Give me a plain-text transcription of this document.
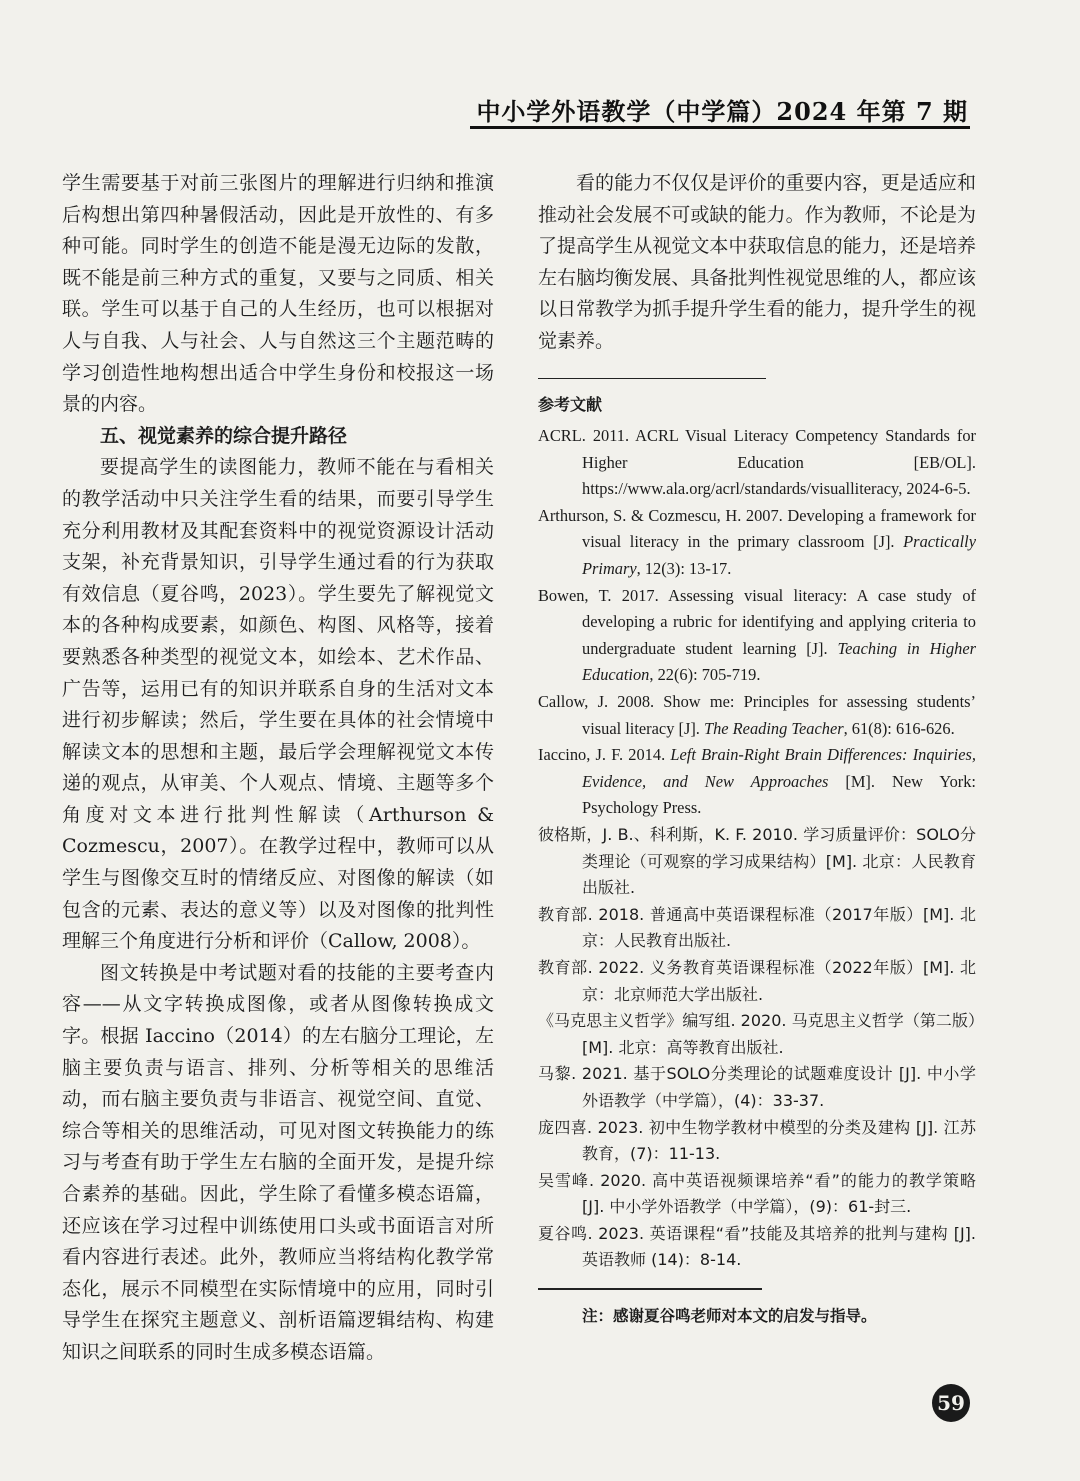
中小学外语教学（中学篇）2024 年第 7 期

学生需要基于对前三张图片的理解进行归纳和推演后构想出第四种暑假活动，因此是开放性的、有多种可能。同时学生的创造不能是漫无边际的发散，既不能是前三种方式的重复，又要与之同质、相关联。学生可以基于自己的人生经历，也可以根据对人与自我、人与社会、人与自然这三个主题范畴的学习创造性地构想出适合中学生身份和校报这一场景的内容。

五、视觉素养的综合提升路径

要提高学生的读图能力，教师不能在与看相关的教学活动中只关注学生看的结果，而要引导学生充分利用教材及其配套资料中的视觉资源设计活动支架，补充背景知识，引导学生通过看的行为获取有效信息（夏谷鸣，2023）。学生要先了解视觉文本的各种构成要素，如颜色、构图、风格等，接着要熟悉各种类型的视觉文本，如绘本、艺术作品、广告等，运用已有的知识并联系自身的生活对文本进行初步解读；然后，学生要在具体的社会情境中解读文本的思想和主题，最后学会理解视觉文本传递的观点，从审美、个人观点、情境、主题等多个角度对文本进行批判性解读（Arthurson & Cozmescu，2007）。在教学过程中，教师可以从学生与图像交互时的情绪反应、对图像的解读（如包含的元素、表达的意义等）以及对图像的批判性理解三个角度进行分析和评价（Callow, 2008）。

图文转换是中考试题对看的技能的主要考查内容——从文字转换成图像，或者从图像转换成文字。根据 Iaccino（2014）的左右脑分工理论，左脑主要负责与语言、排列、分析等相关的思维活动，而右脑主要负责与非语言、视觉空间、直觉、综合等相关的思维活动，可见对图文转换能力的练习与考查有助于学生左右脑的全面开发，是提升综合素养的基础。因此，学生除了看懂多模态语篇，还应该在学习过程中训练使用口头或书面语言对所看内容进行表述。此外，教师应当将结构化教学常态化，展示不同模型在实际情境中的应用，同时引导学生在探究主题意义、剖析语篇逻辑结构、构建知识之间联系的同时生成多模态语篇。

看的能力不仅仅是评价的重要内容，更是适应和推动社会发展不可或缺的能力。作为教师，不论是为了提高学生从视觉文本中获取信息的能力，还是培养左右脑均衡发展、具备批判性视觉思维的人，都应该以日常教学为抓手提升学生看的能力，提升学生的视觉素养。

参考文献
ACRL. 2011. ACRL Visual Literacy Competency Standards for Higher Education [EB/OL]. https://www.ala.org/acrl/standards/visualliteracy, 2024-6-5.
Arthurson, S. & Cozmescu, H. 2007. Developing a framework for visual literacy in the primary classroom [J]. Practically Primary, 12(3): 13-17.
Bowen, T. 2017. Assessing visual literacy: A case study of developing a rubric for identifying and applying criteria to undergraduate student learning [J]. Teaching in Higher Education, 22(6): 705-719.
Callow, J. 2008. Show me: Principles for assessing students’ visual literacy [J]. The Reading Teacher, 61(8): 616-626.
Iaccino, J. F. 2014. Left Brain-Right Brain Differences: Inquiries, Evidence, and New Approaches [M]. New York: Psychology Press.
彼格斯，J. B.、科利斯，K. F. 2010. 学习质量评价：SOLO分类理论（可观察的学习成果结构）[M]. 北京：人民教育出版社.
教育部. 2018. 普通高中英语课程标准（2017年版）[M]. 北京：人民教育出版社.
教育部. 2022. 义务教育英语课程标准（2022年版）[M]. 北京：北京师范大学出版社.
《马克思主义哲学》编写组. 2020. 马克思主义哲学（第二版）[M]. 北京：高等教育出版社.
马黎. 2021. 基于SOLO分类理论的试题难度设计 [J]. 中小学外语教学（中学篇），(4)：33-37.
庞四喜. 2023. 初中生物学教材中模型的分类及建构 [J]. 江苏教育，(7)：11-13.
吴雪峰. 2020. 高中英语视频课培养“看”的能力的教学策略 [J]. 中小学外语教学（中学篇），(9)：61-封三.
夏谷鸣. 2023. 英语课程“看”技能及其培养的批判与建构 [J]. 英语教师 (14)：8-14.
注：感谢夏谷鸣老师对本文的启发与指导。
59
